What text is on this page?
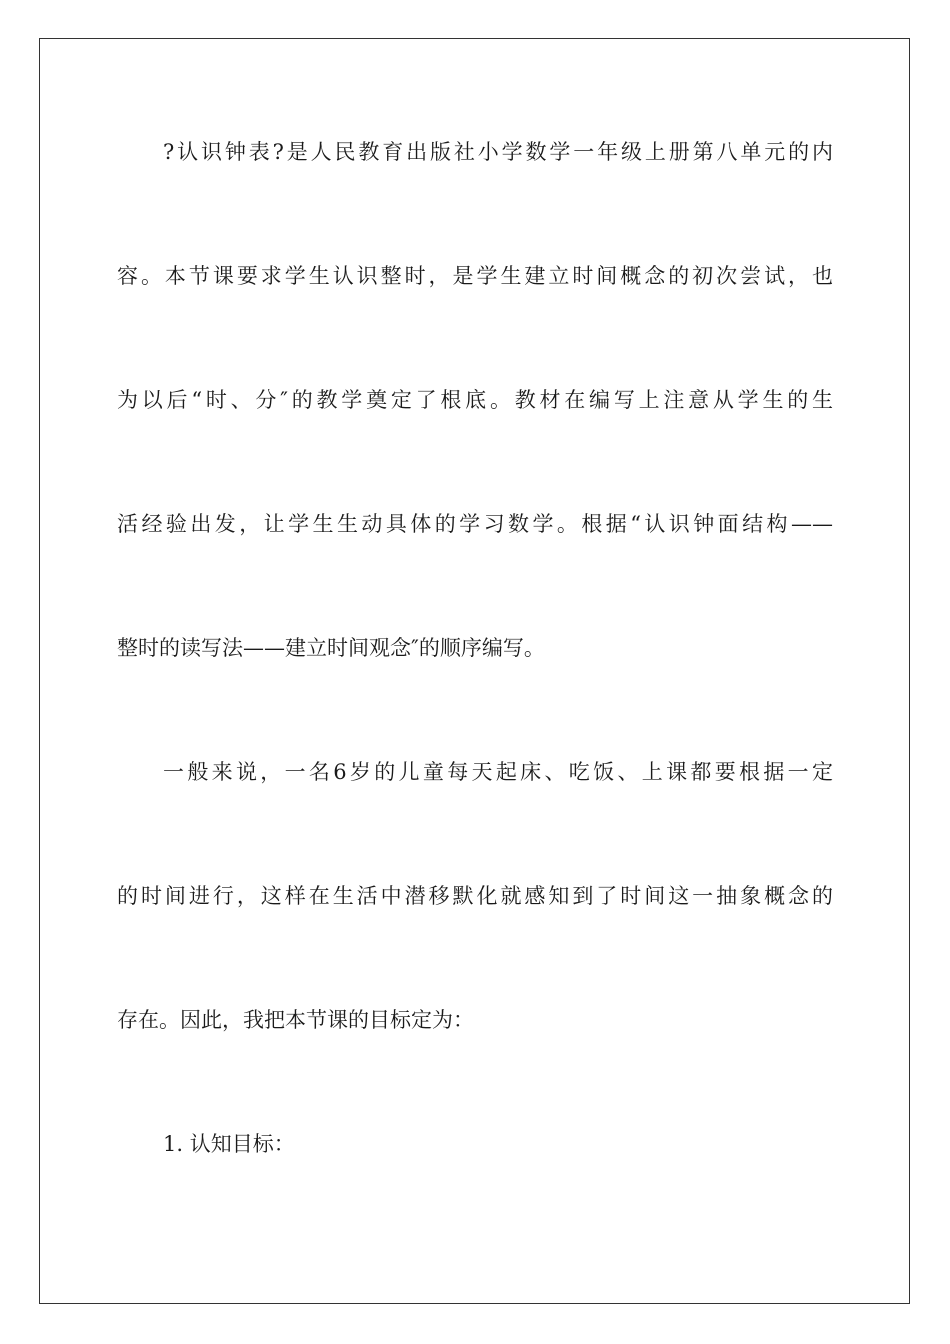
?认识钟表?是人民教育出版社小学数学一年级上册第八单元的内
容。本节课要求学生认识整时，是学生建立时间概念的初次尝试，也
为以后“时、分″的教学奠定了根底。教材在编写上注意从学生的生
活经验出发，让学生生动具体的学习数学。根据“认识钟面结构——
整时的读写法——建立时间观念″的顺序编写。
一般来说，一名6岁的儿童每天起床、吃饭、上课都要根据一定
的时间进行，这样在生活中潜移默化就感知到了时间这一抽象概念的
存在。因此，我把本节课的目标定为：
1. 认知目标：
